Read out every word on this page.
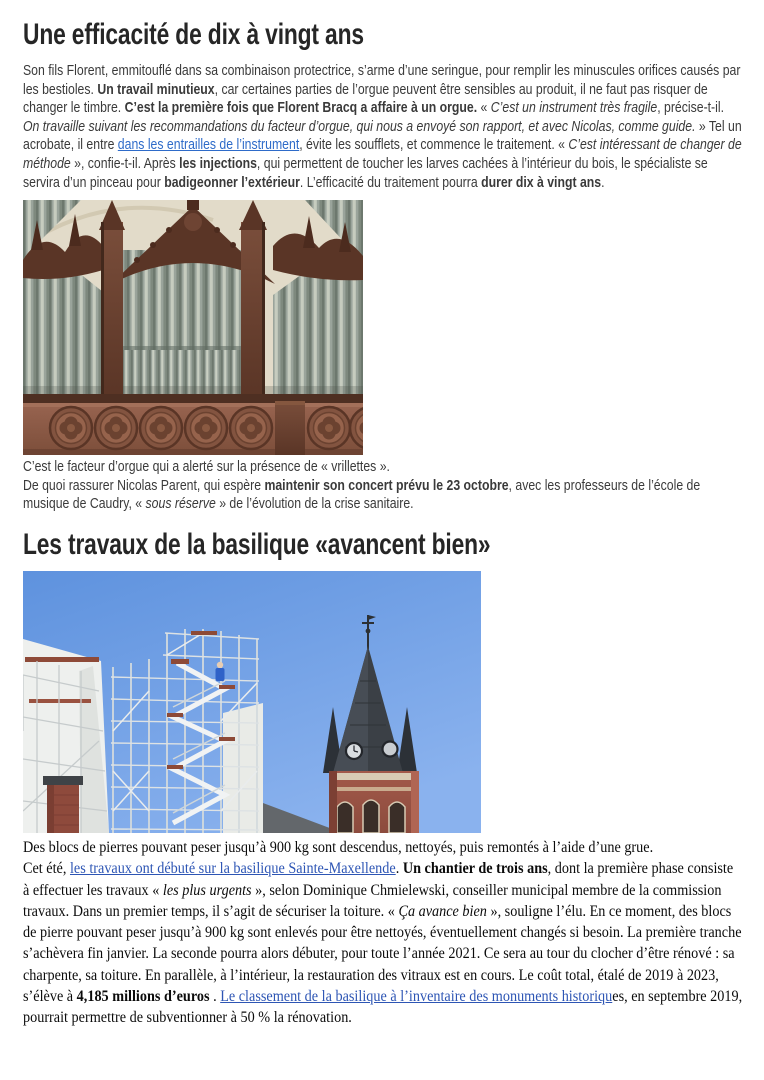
Une efficacité de dix à vingt ans

Son fils Florent, emmitouflé dans sa combinaison protectrice, s’arme d’une seringue, pour remplir les minuscules orifices causés par les bestioles. Un travail minutieux, car certaines parties de l’orgue peuvent être sensibles au produit, il ne faut pas risquer de changer le timbre. C’est la première fois que Florent Bracq a affaire à un orgue. « C’est un instrument très fragile, précise-t-il. On travaille suivant les recommandations du facteur d’orgue, qui nous a envoyé son rapport, et avec Nicolas, comme guide. » Tel un acrobate, il entre dans les entrailles de l’instrument, évite les soufflets, et commence le traitement. « C’est intéressant de changer de méthode », confie-t-il. Après les injections, qui permettent de toucher les larves cachées à l’intérieur du bois, le spécialiste se servira d’un pinceau pour badigeonner l’extérieur. L’efficacité du traitement pourra durer dix à vingt ans.

C’est le facteur d’orgue qui a alerté sur la présence de « vrillettes ».
De quoi rassurer Nicolas Parent, qui espère maintenir son concert prévu le 23 octobre, avec les professeurs de l’école de musique de Caudry, « sous réserve » de l’évolution de la crise sanitaire.
Les travaux de la basilique «avancent bien»
Des blocs de pierres pouvant peser jusqu’à 900 kg sont descendus, nettoyés, puis remontés à l’aide d’une grue.
Cet été, les travaux ont débuté sur la basilique Sainte-Maxellende. Un chantier de trois ans, dont la première phase consiste à effectuer les travaux « les plus urgents », selon Dominique Chmielewski, conseiller municipal membre de la commission travaux. Dans un premier temps, il s’agit de sécuriser la toiture. « Ça avance bien », souligne l’élu. En ce moment, des blocs de pierre pouvant peser jusqu’à 900 kg sont enlevés pour être nettoyés, éventuellement changés si besoin. La première tranche s’achèvera fin janvier. La seconde pourra alors débuter, pour toute l’année 2021. Ce sera au tour du clocher d’être rénové : sa charpente, sa toiture. En parallèle, à l’intérieur, la restauration des vitraux est en cours. Le coût total, étalé de 2019 à 2023, s’élève à 4,185 millions d’euros . Le classement de la basilique à l’inventaire des monuments historiques, en septembre 2019, pourrait permettre de subventionner à 50 % la rénovation.
